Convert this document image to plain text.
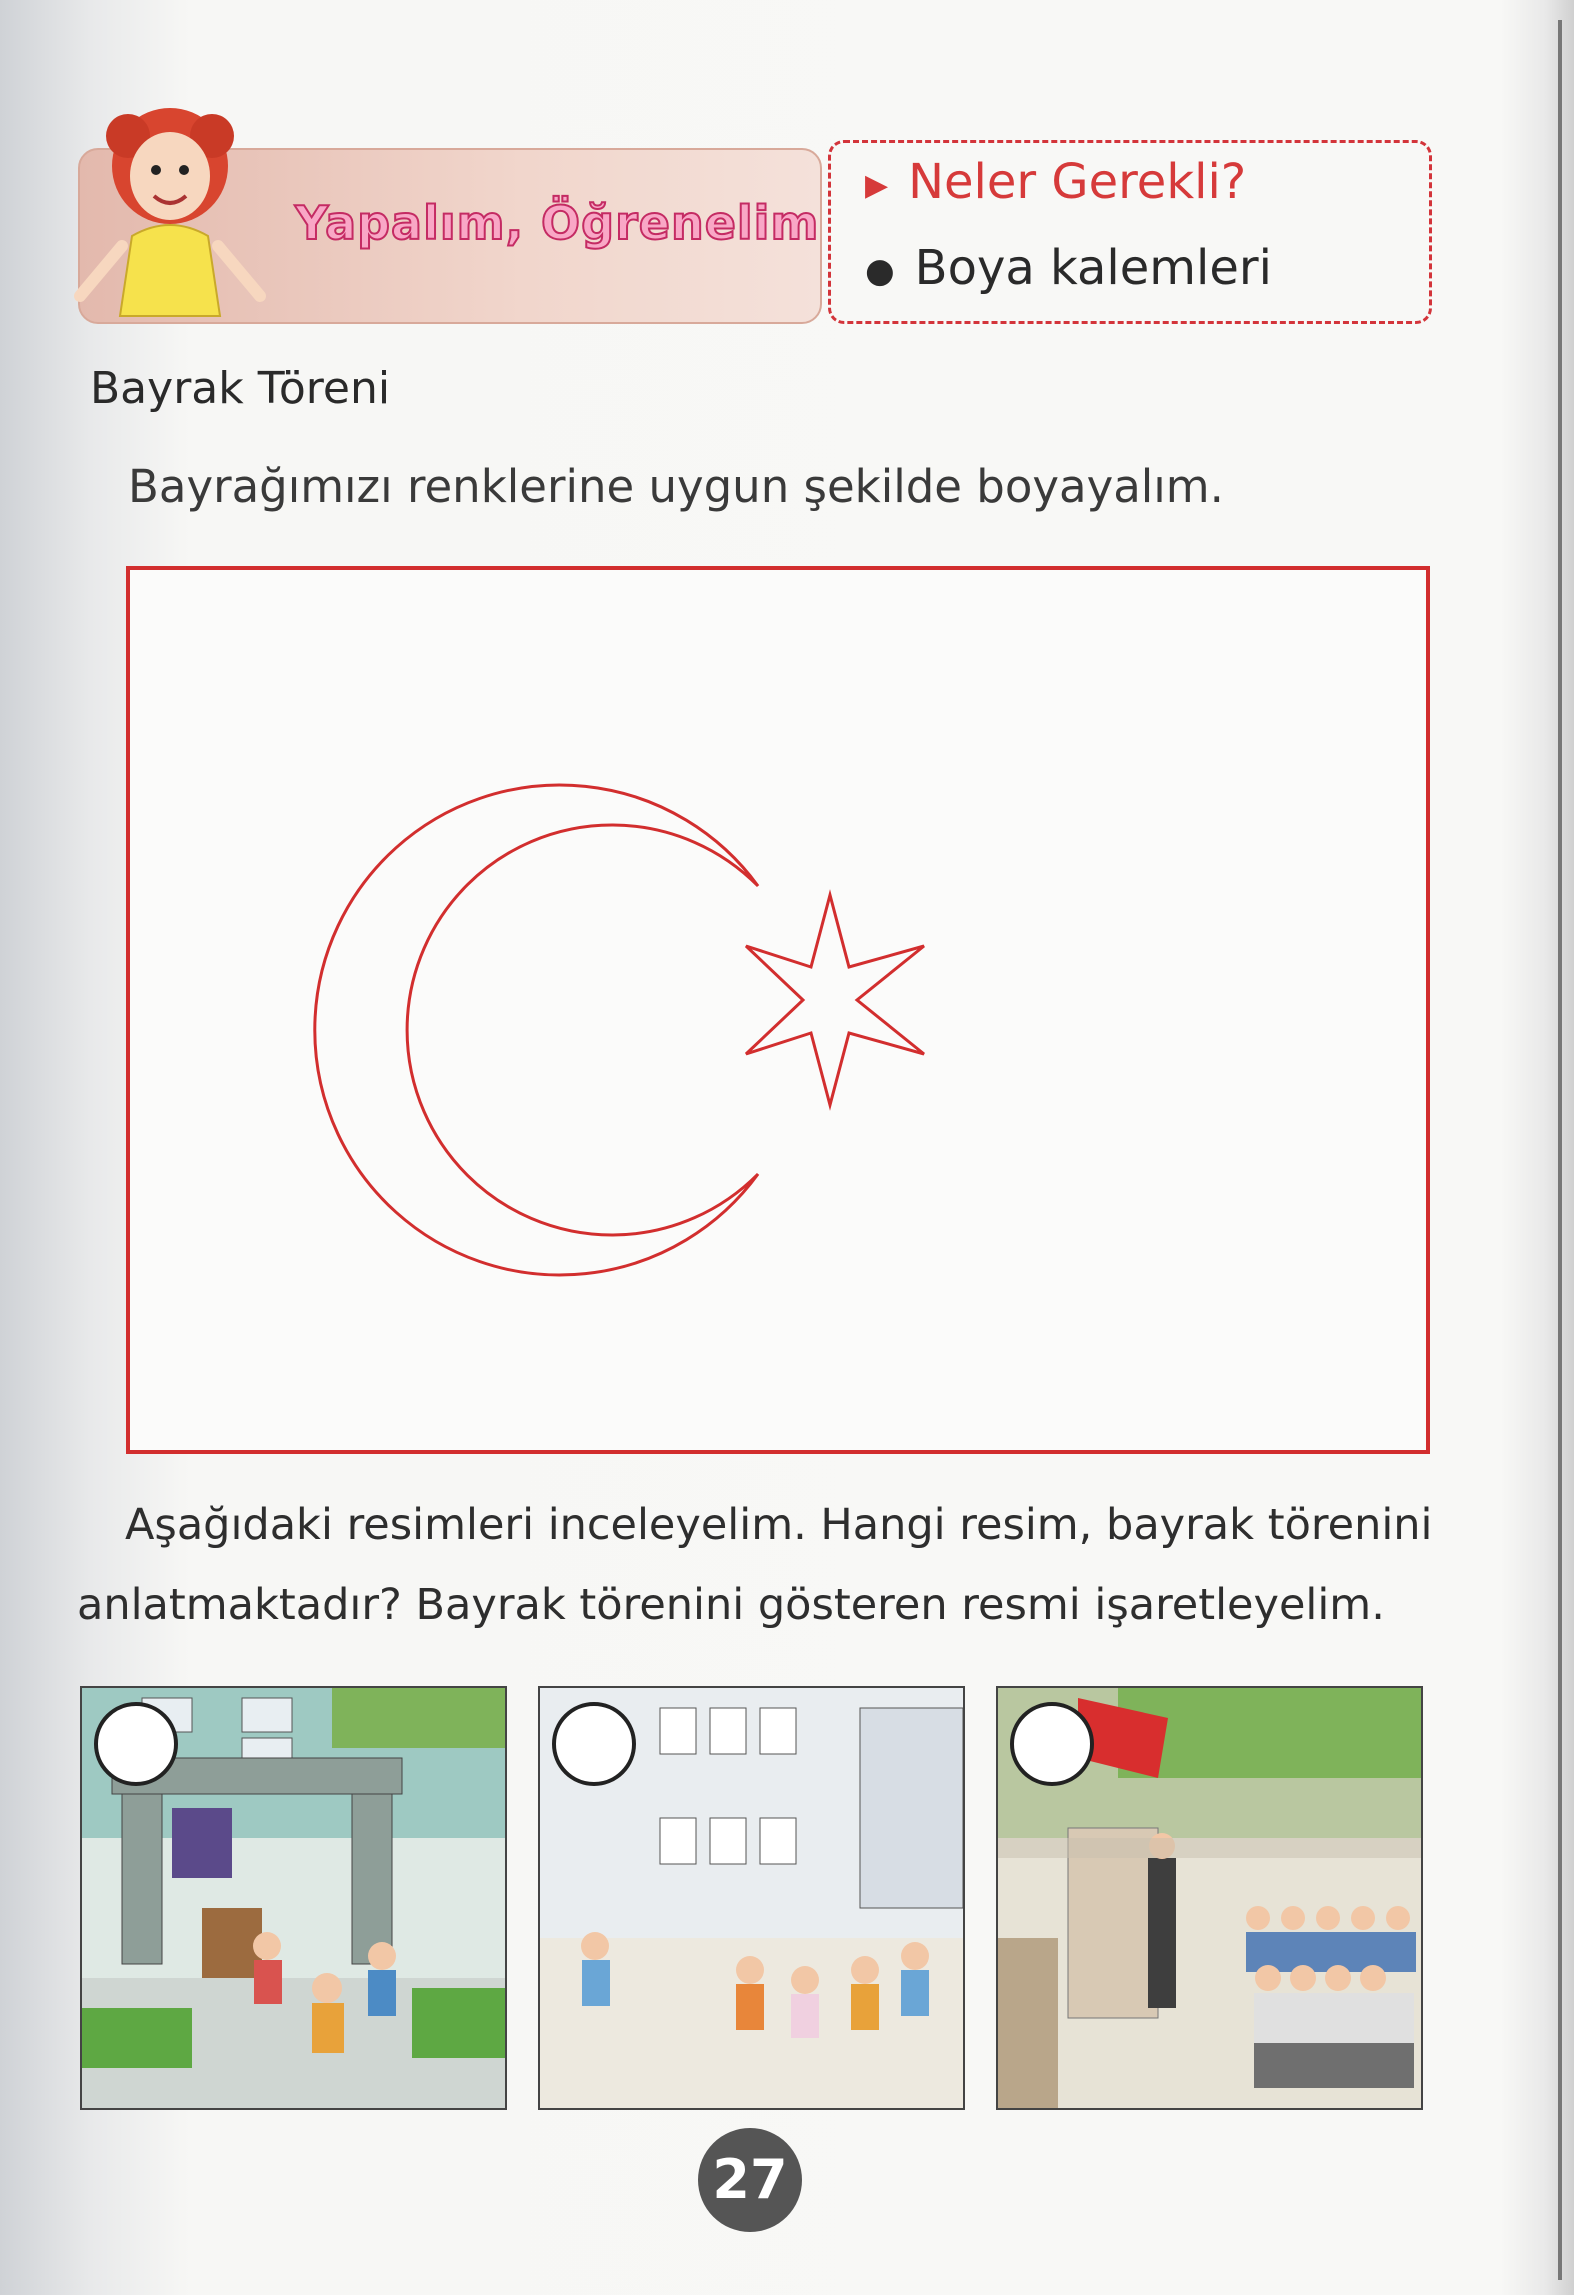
Yapalım, Öğrenelim
▶ Neler Gerekli?
● Boya kalemleri
Bayrak Töreni
Bayrağımızı renklerine uygun şekilde boyayalım.
Aşağıdaki resimleri inceleyelim. Hangi resim, bayrak törenini
anlatmaktadır? Bayrak törenini gösteren resmi işaretleyelim.
27
